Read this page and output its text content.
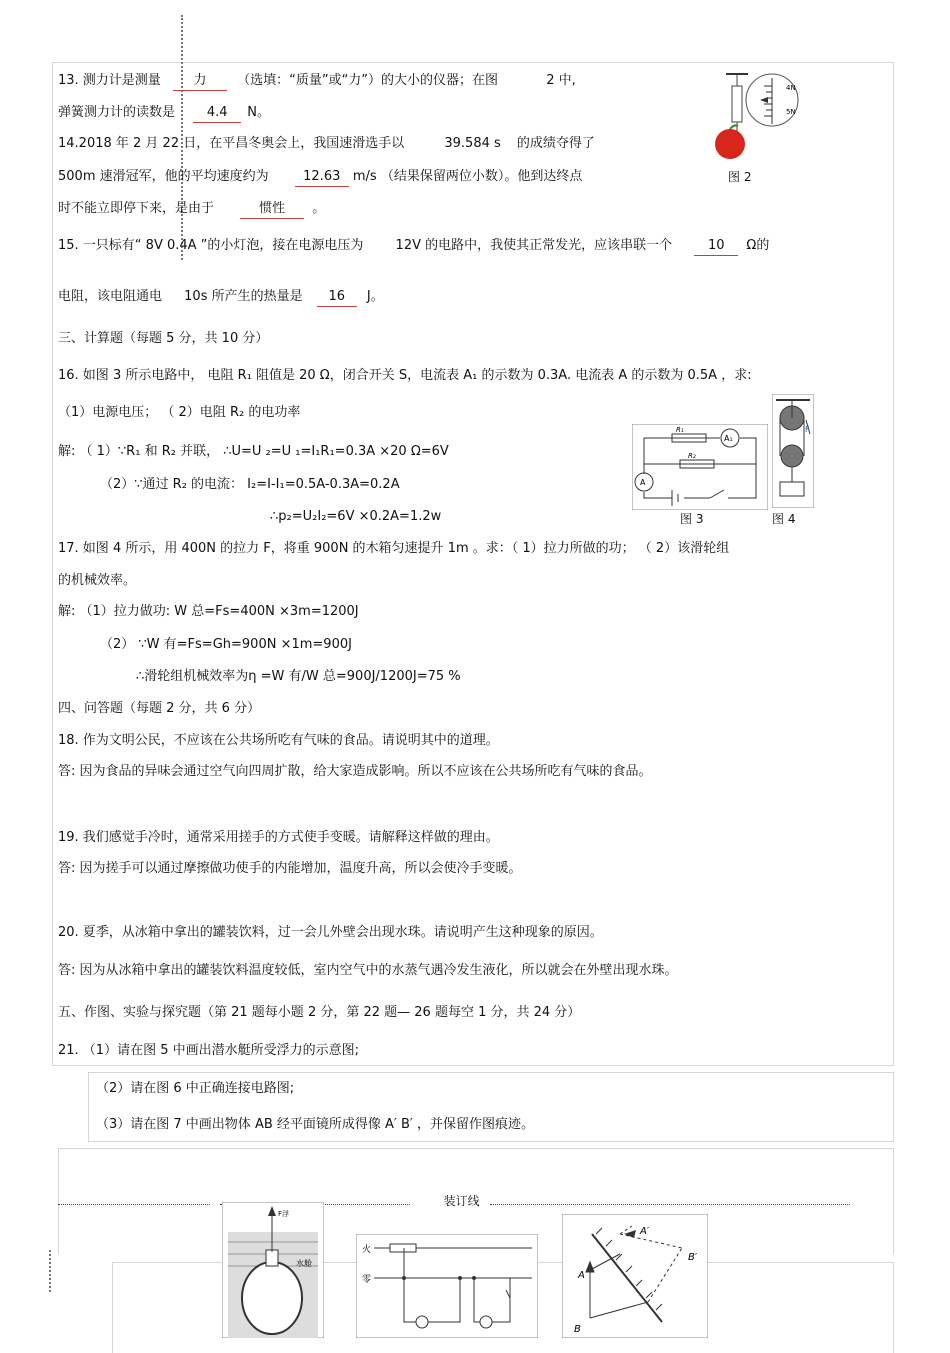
13. 测力计是测量	力 （选填：“质量”或“力”）的大小的仪器；在图	2 中,
弹簧测力计的读数是 4.4 N。
4N
5N
图 2
14.2018 年 2 月 22 日，在平昌冬奥会上，我国速滑选手以	39.584 s 的成绩夺得了
500m 速滑冠军，他的平均速度约为	12.63 m/s （结果保留两位小数）。他到达终点
时不能立即停下来，是由于	惯性 。
15. 一只标有“ 8V 0.4A ”的小灯泡，接在电源电压为 12V 的电路中，我使其正常发光，应该串联一个	10 Ω的
电阻，该电阻通电 10s 所产生的热量是 16 J。
三、计算题（每题 5 分，共 10 分）
16. 如图 3 所示电路中， 电阻 R₁ 阻值是 20 Ω，闭合开关 S，电流表 A₁ 的示数为 0.3A. 电流表 A 的示数为 0.5A ，求:
（1）电源电压； （ 2）电阻 R₂ 的电功率
解: （ 1）∵R₁ 和 R₂ 并联， ∴U=U ₂=U ₁=I₁R₁=0.3A ×20 Ω=6V
（2）∵通过 R₂ 的电流： I₂=I-I₁=0.5A-0.3A=0.2A
∴p₂=U₂I₂=6V ×0.2A=1.2w
R₁
R₂
A₁
A
图 3
F
图 4
17. 如图 4 所示，用 400N 的拉力 F，将重 900N 的木箱匀速提升 1m 。求：（ 1）拉力所做的功； （ 2）该滑轮组
的机械效率。
解: （1）拉力做功: W 总=Fs=400N ×3m=1200J
（2） ∵W 有=Fs=Gh=900N ×1m=900J
∴滑轮组机械效率为η =W 有/W 总=900J/1200J=75 %
四、问答题（每题 2 分，共 6 分）
18. 作为文明公民，不应该在公共场所吃有气味的食品。请说明其中的道理。
答: 因为食品的异味会通过空气向四周扩散，给大家造成影响。所以不应该在公共场所吃有气味的食品。
19. 我们感觉手冷时，通常采用搓手的方式使手变暖。请解释这样做的理由。
答: 因为搓手可以通过摩擦做功使手的内能增加，温度升高，所以会使冷手变暖。
20. 夏季，从冰箱中拿出的罐装饮料，过一会儿外壁会出现水珠。请说明产生这种现象的原因。
答: 因为从冰箱中拿出的罐装饮料温度较低，室内空气中的水蒸气遇冷发生液化，所以就会在外壁出现水珠。
五、作图、实验与探究题（第 21 题每小题 2 分，第 22 题— 26 题每空 1 分，共 24 分）
21. （1）请在图 5 中画出潜水艇所受浮力的示意图;
（2）请在图 6 中正确连接电路图;
（3）请在图 7 中画出物体 AB 经平面镜所成得像 A′ B′ ，并保留作图痕迹。
装订线
F浮
水舱
火
零	A
B
A′
B′
